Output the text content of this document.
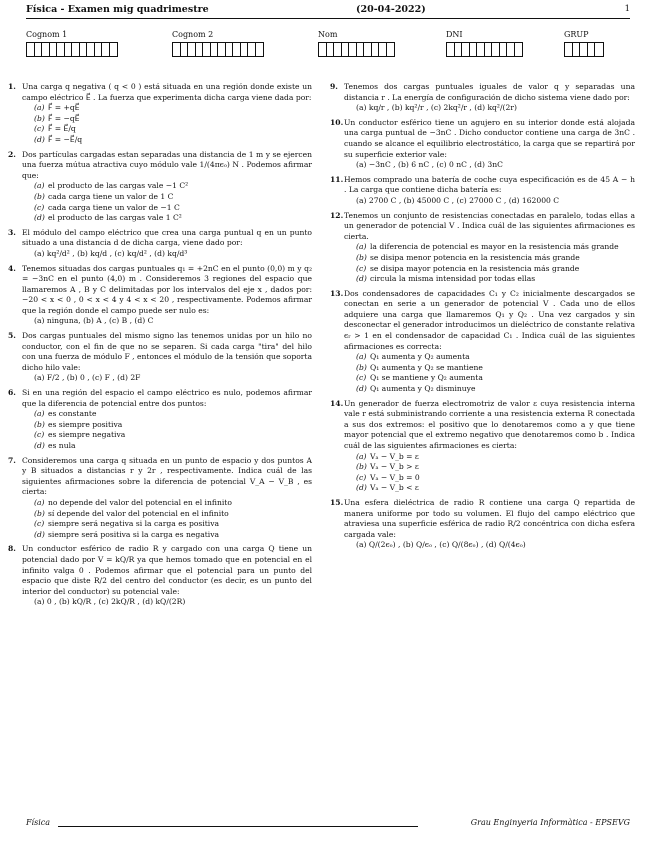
Física - Examen mig quadrimestre	(20-04-2022)	1
Cognom 1	Cognom 2	Nom	DNI	GRUP
1. Una carga q negativa ( q < 0 ) está situada en una región donde existe un campo eléctrico E⃗ . La fuerza que experimenta dicha carga viene dada por:
(a) F⃗ = +qE⃗
(b) F⃗ = −qE⃗
(c) F⃗ = E⃗/q
(d) F⃗ = −E⃗/q
2. Dos partículas cargadas estan separadas una distancia de 1 m y se ejercen una fuerza mútua atractiva cuyo módulo vale 1/(4πϵₒ) N . Podemos afirmar que:
(a) el producto de las cargas vale −1 C²
(b) cada carga tiene un valor de 1 C
(c) cada carga tiene un valor de −1 C
(d) el producto de las cargas vale 1 C²
3. El módulo del campo eléctrico que crea una carga puntual q en un punto situado a una distancia d de dicha carga, viene dado por:
(a) kq²/d² , (b) kq/d , (c) kq/d² , (d) kq/d³
4. Tenemos situadas dos cargas puntuales q₁ = +2nC en el punto (0,0) m y q₂ = −3nC en el punto (4,0) m . Consideremos 3 regiones del espacio que llamaremos A , B y C delimitadas por los intervalos del eje x , dados por: −20 < x < 0 , 0 < x < 4 y 4 < x < 20 , respectivamente. Podemos afirmar que la región donde el campo puede ser nulo es:
(a) ninguna, (b) A , (c) B , (d) C
5. Dos cargas puntuales del mismo signo las tenemos unidas por un hilo no conductor, con el fin de que no se separen. Si cada carga "tira" del hilo con una fuerza de módulo F , entonces el módulo de la tensión que soporta dicho hilo vale:
(a) F/2 , (b) 0 , (c) F , (d) 2F
6. Si en una región del espacio el campo eléctrico es nulo, podemos afirmar que la diferencia de potencial entre dos puntos:
(a) es constante
(b) es siempre positiva
(c) es siempre negativa
(d) es nula
7. Consideremos una carga q situada en un punto de espacio y dos puntos A y B situados a distancias r y 2r , respectivamente. Indica cuál de las siguientes afirmaciones sobre la diferencia de potencial V_A − V_B , es cierta:
(a) no depende del valor del potencial en el infinito
(b) sí depende del valor del potencial en el infinito
(c) siempre será negativa si la carga es positiva
(d) siempre será positiva si la carga es negativa
8. Un conductor esférico de radio R y cargado con una carga Q tiene un potencial dado por V = kQ/R ya que hemos tomado que en potencial en el infinito valga 0 . Podemos afirmar que el potencial para un punto del espacio que diste R/2 del centro del conductor (es decir, es un punto del interior del conductor) su potencial vale:
(a) 0 , (b) kQ/R , (c) 2kQ/R , (d) kQ/(2R)
9. Tenemos dos cargas puntuales iguales de valor q y separadas una distancia r . La energía de configuración de dicho sistema viene dado por:
(a) kq/r , (b) kq²/r , (c) 2kq²/r , (d) kq²/(2r)
10. Un conductor esférico tiene un agujero en su interior donde está alojada una carga puntual de −3nC . Dicho conductor contiene una carga de 3nC . cuando se alcance el equilibrio electrostático, la carga que se repartirá por su superficie exterior vale:
(a) −3nC , (b) 6 nC , (c) 0 nC , (d) 3nC
11. Hemos comprado una batería de coche cuya especificación es de 45 A − h . La carga que contiene dicha batería es:
(a) 2700 C , (b) 45000 C , (c) 27000 C , (d) 162000 C
12. Tenemos un conjunto de resistencias conectadas en paralelo, todas ellas a un generador de potencial V . Indica cuál de las siguientes afirmaciones es cierta.
(a) la diferencia de potencial es mayor en la resistencia más grande
(b) se disipa menor potencia en la resistencia más grande
(c) se disipa mayor potencia en la resistencia más grande
(d) circula la misma intensidad por todas ellas
13. Dos condensadores de capacidades C₁ y C₂ inicialmente descargados se conectan en serie a un generador de potencial V . Cada uno de ellos adquiere una carga que llamaremos Q₁ y Q₂ . Una vez cargados y sin desconectar el generador introducimos un dieléctrico de constante relativa ϵᵣ > 1 en el condensador de capacidad C₁ . Indica cuál de las siguientes afirmaciones es correcta:
(a) Q₁ aumenta y Q₂ aumenta
(b) Q₁ aumenta y Q₂ se mantiene
(c) Q₁ se mantiene y Q₂ aumenta
(d) Q₁ aumenta y Q₂ disminuye
14. Un generador de fuerza electromotriz de valor ε cuya resistencia interna vale r está subministrando corriente a una resistencia externa R conectada a sus dos extremos: el positivo que lo denotaremos como a y que tiene mayor potencial que el extremo negativo que denotaremos como b . Indica cuál de las siguientes afirmaciones es cierta:
(a) Vₐ − V_b = ε
(b) Vₐ − V_b > ε
(c) Vₐ − V_b = 0
(d) Vₐ − V_b < ε
15. Una esfera dieléctrica de radio R contiene una carga Q repartida de manera uniforme por todo su volumen. El flujo del campo eléctrico que atraviesa una superficie esférica de radio R/2 concéntrica con dicha esfera cargada vale:
(a) Q/(2ϵₒ) , (b) Q/ϵₒ , (c) Q/(8ϵₒ) , (d) Q/(4ϵₒ)
Física	Grau Enginyeria Informàtica - EPSEVG
